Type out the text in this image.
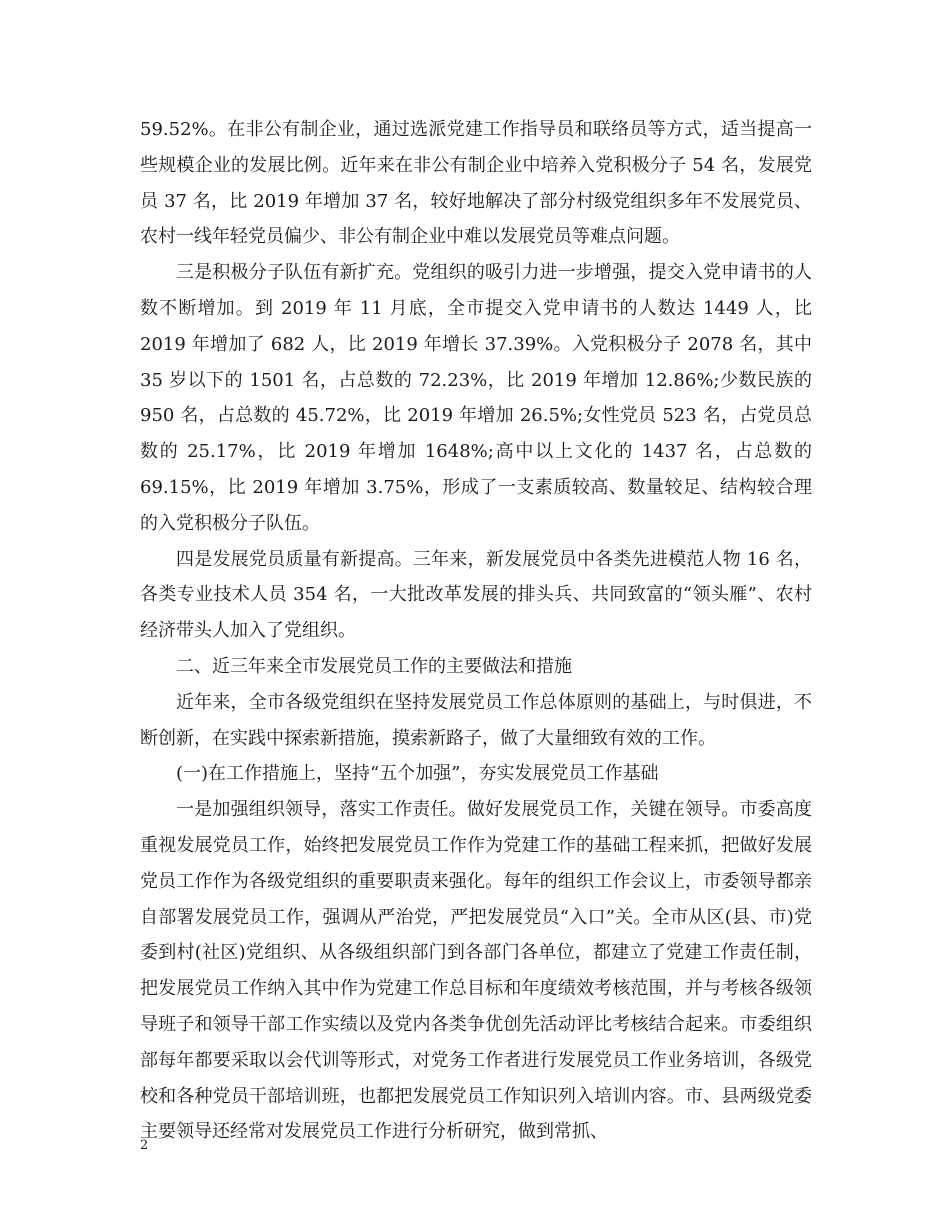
59.52%。在非公有制企业，通过选派党建工作指导员和联络员等方式，适当提高一些规模企业的发展比例。近年来在非公有制企业中培养入党积极分子 54 名，发展党员 37 名，比 2019 年增加 37 名，较好地解决了部分村级党组织多年不发展党员、农村一线年轻党员偏少、非公有制企业中难以发展党员等难点问题。

三是积极分子队伍有新扩充。党组织的吸引力进一步增强，提交入党申请书的人数不断增加。到 2019 年 11 月底，全市提交入党申请书的人数达 1449 人，比 2019 年增加了 682 人，比 2019 年增长 37.39%。入党积极分子 2078 名，其中 35 岁以下的 1501 名，占总数的 72.23%，比 2019 年增加 12.86%;少数民族的 950 名，占总数的 45.72%，比 2019 年增加 26.5%;女性党员 523 名，占党员总数的 25.17%，比 2019 年增加 1648%;高中以上文化的 1437 名，占总数的 69.15%，比 2019 年增加 3.75%，形成了一支素质较高、数量较足、结构较合理的入党积极分子队伍。

四是发展党员质量有新提高。三年来，新发展党员中各类先进模范人物 16 名，各类专业技术人员 354 名，一大批改革发展的排头兵、共同致富的“领头雁”、农村经济带头人加入了党组织。

二、近三年来全市发展党员工作的主要做法和措施

近年来，全市各级党组织在坚持发展党员工作总体原则的基础上，与时俱进，不断创新，在实践中探索新措施，摸索新路子，做了大量细致有效的工作。

(一)在工作措施上，坚持“五个加强”，夯实发展党员工作基础

一是加强组织领导，落实工作责任。做好发展党员工作，关键在领导。市委高度重视发展党员工作，始终把发展党员工作作为党建工作的基础工程来抓，把做好发展党员工作作为各级党组织的重要职责来强化。每年的组织工作会议上，市委领导都亲自部署发展党员工作，强调从严治党，严把发展党员“入口”关。全市从区(县、市)党委到村(社区)党组织、从各级组织部门到各部门各单位，都建立了党建工作责任制，把发展党员工作纳入其中作为党建工作总目标和年度绩效考核范围，并与考核各级领导班子和领导干部工作实绩以及党内各类争优创先活动评比考核结合起来。市委组织部每年都要采取以会代训等形式，对党务工作者进行发展党员工作业务培训，各级党校和各种党员干部培训班，也都把发展党员工作知识列入培训内容。市、县两级党委主要领导还经常对发展党员工作进行分析研究，做到常抓、

2
